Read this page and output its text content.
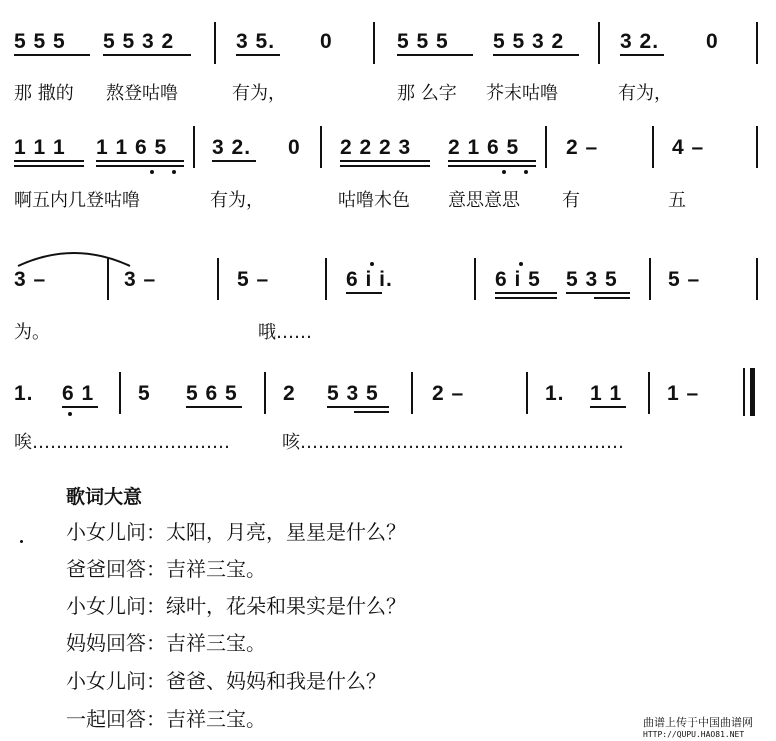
5 5 5 5 5 3 2	3 5. 0	5 5 5 5 5 3 2	3 2. 0
那 撒的 熬登咕噜	有为，	那 么字 芥末咕噜	有为，
1 1 1 1 1 6 5 3 2. 0 2 2 2 3 2 1 6 5 2 –	4 –
啊五内几登咕噜	有为，	咕噜木色 意思意思 有	五
3 –	3 –	5 –	6 i i.	6 i 5 5 3 5 5 –
为。	哦……
1. 6 1 5 5 6 5 2 5 3 5	2 –	1. 1 1 1 –
唉……………………………	咳………………………………………………
歌词大意
小女儿问：太阳，月亮，星星是什么？
爸爸回答：吉祥三宝。
小女儿问：绿叶，花朵和果实是什么？
妈妈回答：吉祥三宝。
小女儿问：爸爸、妈妈和我是什么？
一起回答：吉祥三宝。	曲谱上传于中国曲谱网
HTTP://QUPU.HAO81.NET
